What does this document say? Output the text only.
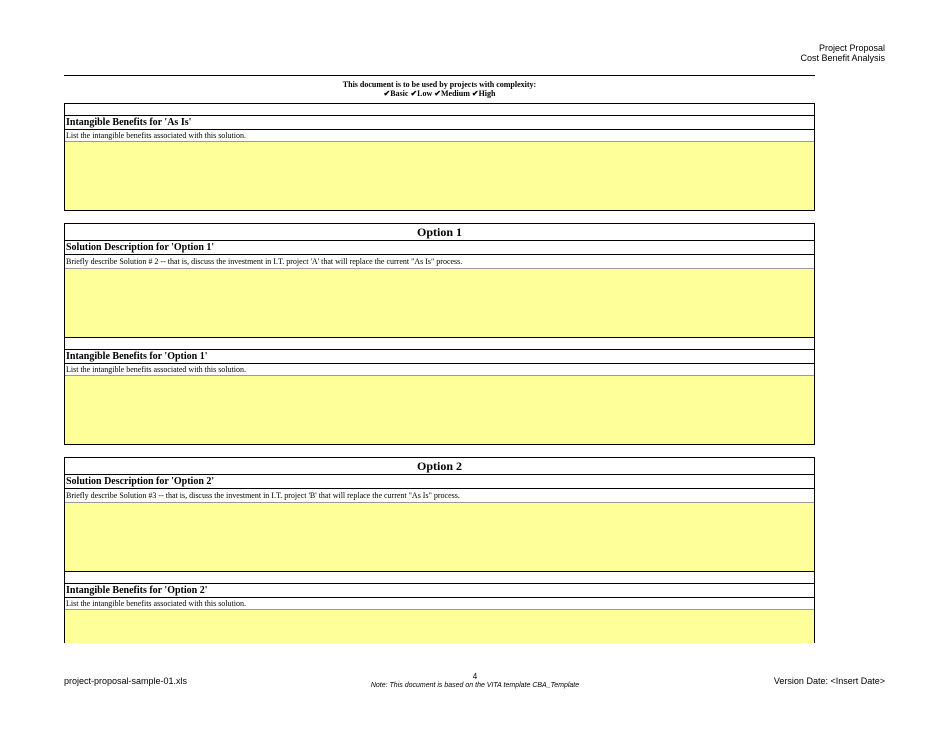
Project Proposal
Cost Benefit Analysis
This document is to be used by projects with complexity:
✔Basic ✔Low ✔Medium ✔High
Intangible Benefits for 'As Is'
List the intangible benefits associated with this solution.
Option 1
Solution Description for 'Option 1'
Briefly describe Solution # 2 -- that is, discuss the investment in I.T. project 'A' that will replace the current "As Is" process.
Intangible Benefits for 'Option 1'
List the intangible benefits associated with this solution.
Option 2
Solution Description for 'Option 2'
Briefly describe Solution #3 -- that is, discuss the investment in I.T. project 'B' that will replace the current "As Is" process.
Intangible Benefits for 'Option 2'
List the intangible benefits associated with this solution.
project-proposal-sample-01.xls	4
Note: This document is based on the VITA template CBA_Template	Version Date: <Insert Date>
